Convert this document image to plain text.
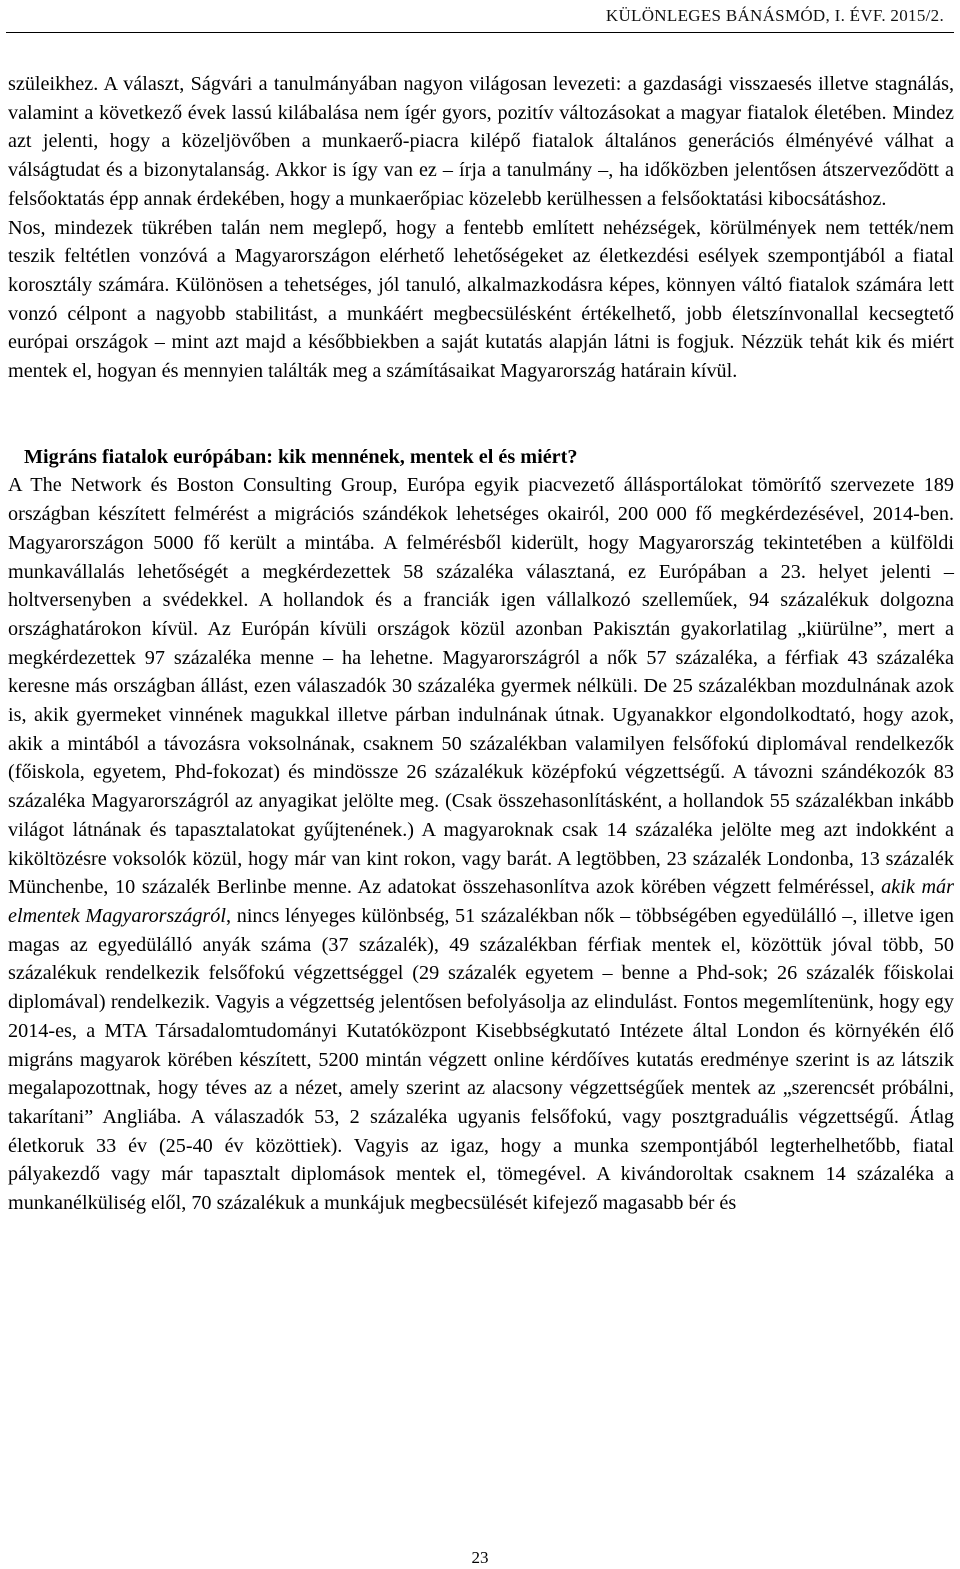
KÜLÖNLEGES BÁNÁSMÓD, I. ÉVF. 2015/2.

szüleikhez. A választ, Ságvári a tanulmányában nagyon világosan levezeti: a gazdasági visszaesés illetve stagnálás, valamint a következő évek lassú kilábalása nem ígér gyors, pozitív változásokat a magyar fiatalok életében. Mindez azt jelenti, hogy a közeljövőben a munkaerő-piacra kilépő fiatalok általános generációs élményévé válhat a válságtudat és a bizonytalanság. Akkor is így van ez – írja a tanulmány –, ha időközben jelentősen átszerveződött a felsőoktatás épp annak érdekében, hogy a munkaerőpiac közelebb kerülhessen a felsőoktatási kibocsátáshoz.

Nos, mindezek tükrében talán nem meglepő, hogy a fentebb említett nehézségek, körülmények nem tették/nem teszik feltétlen vonzóvá a Magyarországon elérhető lehetőségeket az életkezdési esélyek szempontjából a fiatal korosztály számára. Különösen a tehetséges, jól tanuló, alkalmazkodásra képes, könnyen váltó fiatalok számára lett vonzó célpont a nagyobb stabilitást, a munkáért megbecsülésként értékelhető, jobb életszínvonallal kecsegtető európai országok – mint azt majd a későbbiekben a saját kutatás alapján látni is fogjuk. Nézzük tehát kik és miért mentek el, hogyan és mennyien találták meg a számításaikat Magyarország határain kívül.

Migráns fiatalok európában: kik mennének, mentek el és miért?

A The Network és Boston Consulting Group, Európa egyik piacvezető állásportálokat tömörítő szervezete 189 országban készített felmérést a migrációs szándékok lehetséges okairól, 200 000 fő megkérdezésével, 2014-ben. Magyarországon 5000 fő került a mintába. A felmérésből kiderült, hogy Magyarország tekintetében a külföldi munkavállalás lehetőségét a megkérdezettek 58 százaléka választaná, ez Európában a 23. helyet jelenti – holtversenyben a svédekkel. A hollandok és a franciák igen vállalkozó szelleműek, 94 százalékuk dolgozna országhatárokon kívül. Az Európán kívüli országok közül azonban Pakisztán gyakorlatilag „kiürülne”, mert a megkérdezettek 97 százaléka menne – ha lehetne. Magyarországról a nők 57 százaléka, a férfiak 43 százaléka keresne más országban állást, ezen válaszadók 30 százaléka gyermek nélküli. De 25 százalékban mozdulnának azok is, akik gyermeket vinnének magukkal illetve párban indulnának útnak. Ugyanakkor elgondolkodtató, hogy azok, akik a mintából a távozásra voksolnának, csaknem 50 százalékban valamilyen felsőfokú diplomával rendelkezők (főiskola, egyetem, Phd-fokozat) és mindössze 26 százalékuk középfokú végzettségű. A távozni szándékozók 83 százaléka Magyarországról az anyagikat jelölte meg. (Csak összehasonlításként, a hollandok 55 százalékban inkább világot látnának és tapasztalatokat gyűjtenének.) A magyaroknak csak 14 százaléka jelölte meg azt indokként a kiköltözésre voksolók közül, hogy már van kint rokon, vagy barát. A legtöbben, 23 százalék Londonba, 13 százalék Münchenbe, 10 százalék Berlinbe menne. Az adatokat összehasonlítva azok körében végzett felméréssel, akik már elmentek Magyarországról, nincs lényeges különbség, 51 százalékban nők – többségében egyedülálló –, illetve igen magas az egyedülálló anyák száma (37 százalék), 49 százalékban férfiak mentek el, közöttük jóval több, 50 százalékuk rendelkezik felsőfokú végzettséggel (29 százalék egyetem – benne a Phd-sok; 26 százalék főiskolai diplomával) rendelkezik. Vagyis a végzettség jelentősen befolyásolja az elindulást. Fontos megemlítenünk, hogy egy 2014-es, a MTA Társadalomtudományi Kutatóközpont Kisebbségkutató Intézete által London és környékén élő migráns magyarok körében készített, 5200 mintán végzett online kérdőíves kutatás eredménye szerint is az látszik megalapozottnak, hogy téves az a nézet, amely szerint az alacsony végzettségűek mentek az „szerencsét próbálni, takarítani” Angliába. A válaszadók 53, 2 százaléka ugyanis felsőfokú, vagy posztgraduális végzettségű. Átlag életkoruk 33 év (25-40 év közöttiek). Vagyis az igaz, hogy a munka szempontjából legterhelhetőbb, fiatal pályakezdő vagy már tapasztalt diplomások mentek el, tömegével. A kivándoroltak csaknem 14 százaléka a munkanélküliség elől, 70 százalékuk a munkájuk megbecsülését kifejező magasabb bér és

23
